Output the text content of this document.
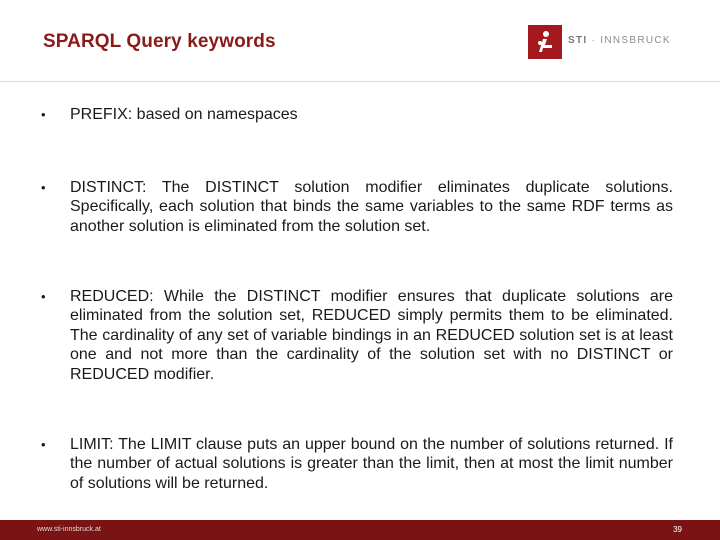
SPARQL Query keywords	STI · INNSBRUCK
• PREFIX: based on namespaces
• DISTINCT: The DISTINCT solution modifier eliminates duplicate solutions. Specifically, each solution that binds the same variables to the same RDF terms as another solution is eliminated from the solution set.
• REDUCED: While the DISTINCT modifier ensures that duplicate solutions are eliminated from the solution set, REDUCED simply permits them to be eliminated. The cardinality of any set of variable bindings in an REDUCED solution set is at least one and not more than the cardinality of the solution set with no DISTINCT or REDUCED modifier.
• LIMIT: The LIMIT clause puts an upper bound on the number of solutions returned. If the number of actual solutions is greater than the limit, then at most the limit number of solutions will be returned.
www.sti-innsbruck.at	39
